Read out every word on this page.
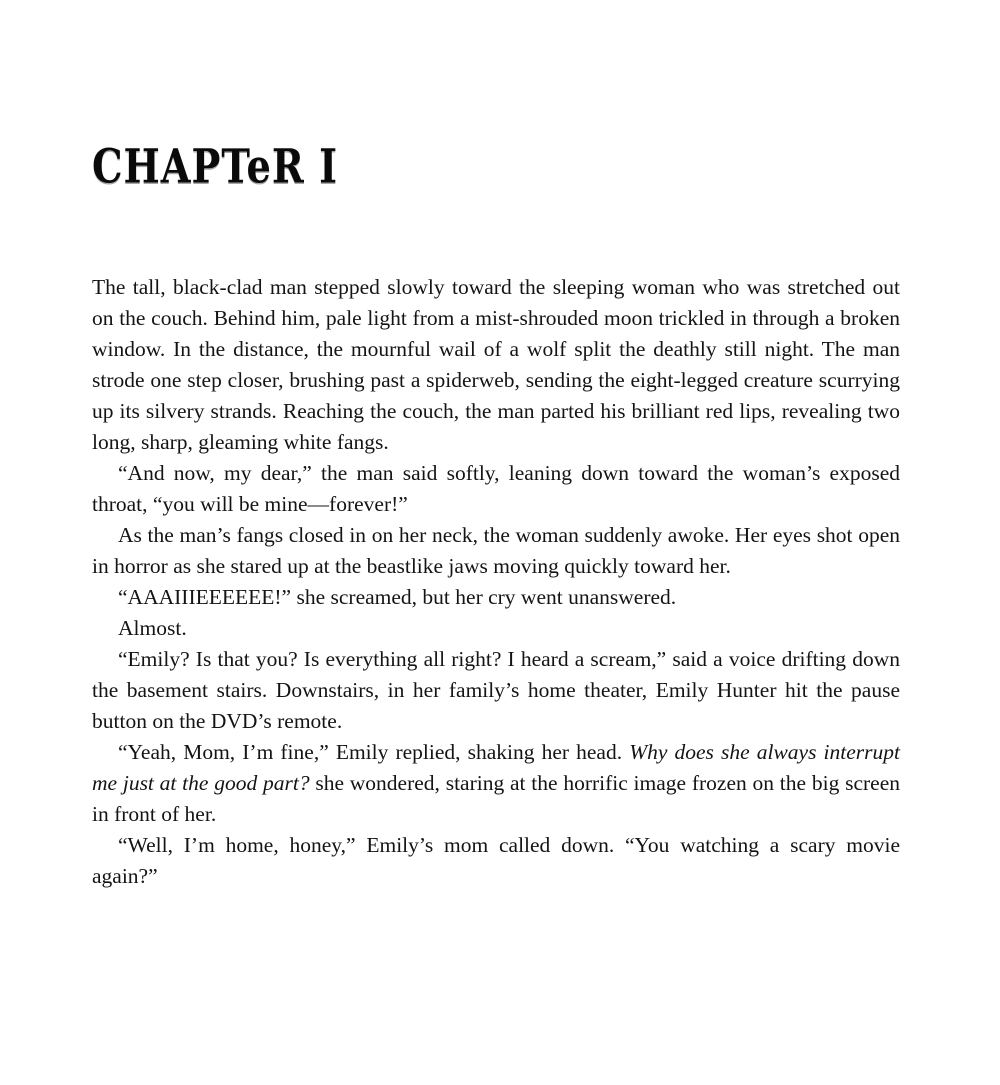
CHAPTeR I

The tall, black-clad man stepped slowly toward the sleeping woman who was stretched out on the couch. Behind him, pale light from a mist-shrouded moon trickled in through a broken window. In the distance, the mournful wail of a wolf split the deathly still night. The man strode one step closer, brushing past a spiderweb, sending the eight-legged creature scurrying up its silvery strands. Reaching the couch, the man parted his brilliant red lips, revealing two long, sharp, gleaming white fangs.

“And now, my dear,” the man said softly, leaning down toward the woman’s exposed throat, “you will be mine—forever!”

As the man’s fangs closed in on her neck, the woman suddenly awoke. Her eyes shot open in horror as she stared up at the beastlike jaws moving quickly toward her.

“AAAIIIEEEEEE!” she screamed, but her cry went unanswered.

Almost.

“Emily? Is that you? Is everything all right? I heard a scream,” said a voice drifting down the basement stairs. Downstairs, in her family’s home theater, Emily Hunter hit the pause button on the DVD’s remote.

“Yeah, Mom, I’m fine,” Emily replied, shaking her head. Why does she always interrupt me just at the good part? she wondered, staring at the horrific image frozen on the big screen in front of her.

“Well, I’m home, honey,” Emily’s mom called down. “You watching a scary movie again?”
